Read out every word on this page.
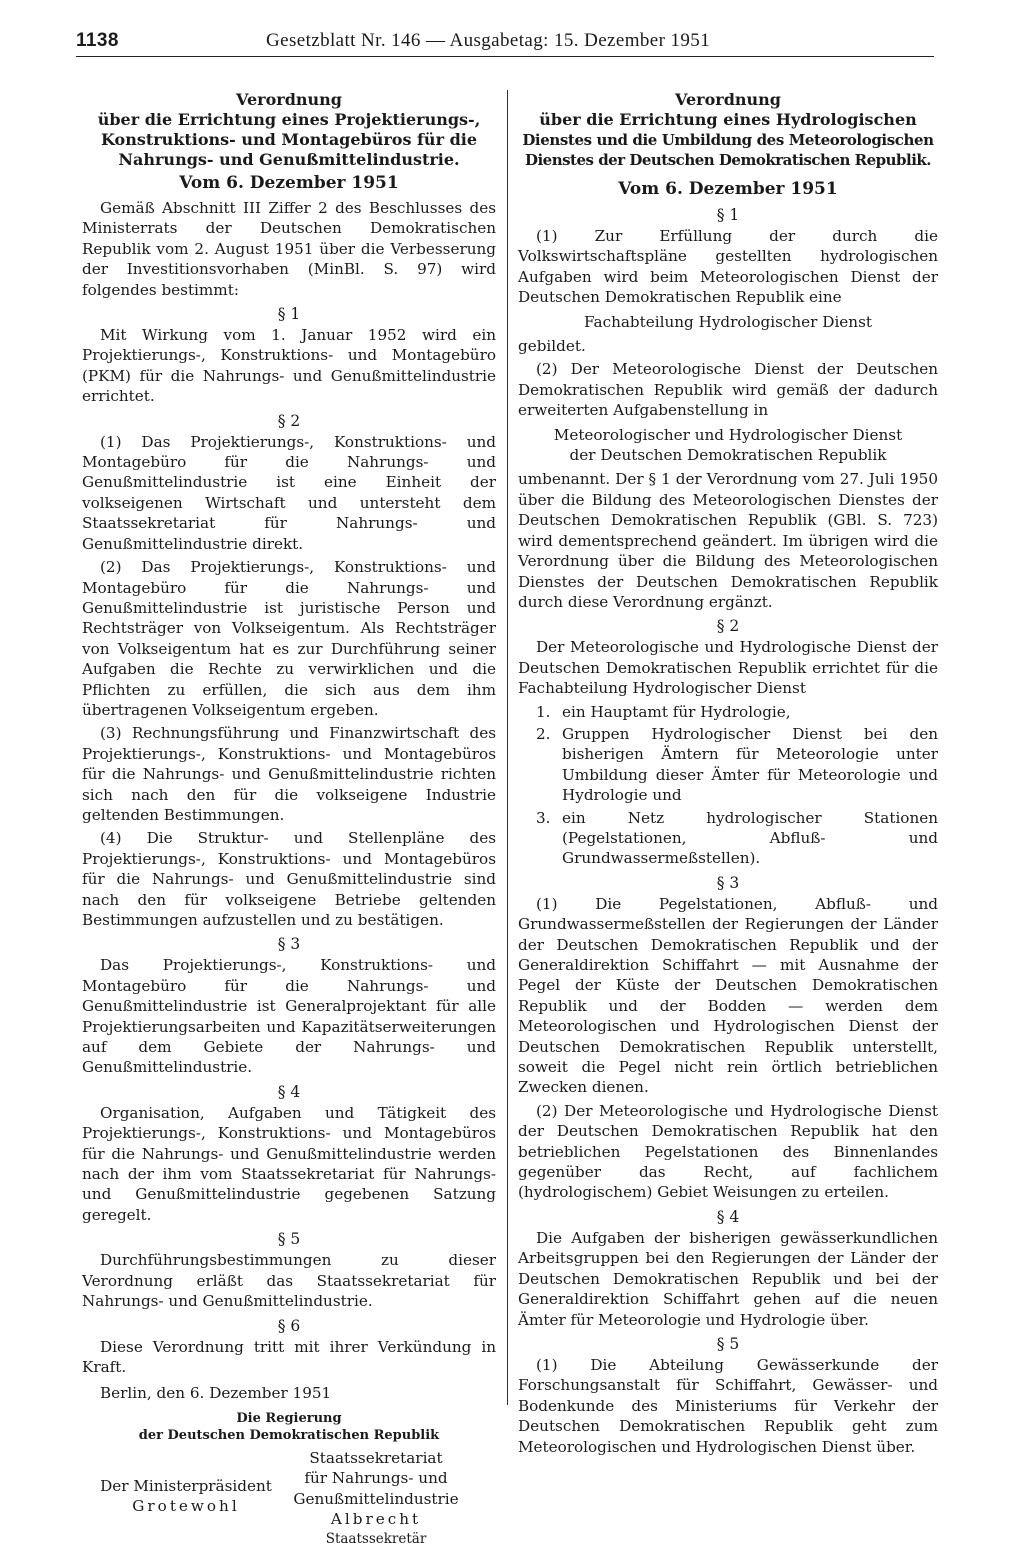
1138	Gesetzblatt Nr. 146 — Ausgabetag: 15. Dezember 1951
Verordnung
über die Errichtung eines Projektierungs-,
Konstruktions- und Montagebüros für die
Nahrungs- und Genußmittelindustrie.
Vom 6. Dezember 1951

Gemäß Abschnitt III Ziffer 2 des Beschlusses des Ministerrats der Deutschen Demokratischen Republik vom 2. August 1951 über die Verbesserung der Investitionsvorhaben (MinBl. S. 97) wird folgendes bestimmt:

§ 1

Mit Wirkung vom 1. Januar 1952 wird ein Projektierungs-, Konstruktions- und Montagebüro (PKM) für die Nahrungs- und Genußmittelindustrie errichtet.

§ 2

(1) Das Projektierungs-, Konstruktions- und Montagebüro für die Nahrungs- und Genußmittelindustrie ist eine Einheit der volkseigenen Wirtschaft und untersteht dem Staatssekretariat für Nahrungs- und Genußmittelindustrie direkt.

(2) Das Projektierungs-, Konstruktions- und Montagebüro für die Nahrungs- und Genußmittelindustrie ist juristische Person und Rechtsträger von Volkseigentum. Als Rechtsträger von Volkseigentum hat es zur Durchführung seiner Aufgaben die Rechte zu verwirklichen und die Pflichten zu erfüllen, die sich aus dem ihm übertragenen Volkseigentum ergeben.

(3) Rechnungsführung und Finanzwirtschaft des Projektierungs-, Konstruktions- und Montagebüros für die Nahrungs- und Genußmittelindustrie richten sich nach den für die volkseigene Industrie geltenden Bestimmungen.

(4) Die Struktur- und Stellenpläne des Projektierungs-, Konstruktions- und Montagebüros für die Nahrungs- und Genußmittelindustrie sind nach den für volkseigene Betriebe geltenden Bestimmungen aufzustellen und zu bestätigen.

§ 3

Das Projektierungs-, Konstruktions- und Montagebüro für die Nahrungs- und Genußmittelindustrie ist Generalprojektant für alle Projektierungsarbeiten und Kapazitätserweiterungen auf dem Gebiete der Nahrungs- und Genußmittelindustrie.

§ 4

Organisation, Aufgaben und Tätigkeit des Projektierungs-, Konstruktions- und Montagebüros für die Nahrungs- und Genußmittelindustrie werden nach der ihm vom Staatssekretariat für Nahrungs- und Genußmittelindustrie gegebenen Satzung geregelt.

§ 5

Durchführungsbestimmungen zu dieser Verordnung erläßt das Staatssekretariat für Nahrungs- und Genußmittelindustrie.

§ 6

Diese Verordnung tritt mit ihrer Verkündung in Kraft.

Berlin, den 6. Dezember 1951

Die Regierung
der Deutschen Demokratischen Republik
Der Ministerpräsident
Grotewohl
Staatssekretariat
für Nahrungs- und
Genußmittelindustrie
Albrecht
Staatssekretär
Verordnung
über die Errichtung eines Hydrologischen
Dienstes und die Umbildung des Meteorologischen
Dienstes der Deutschen Demokratischen Republik.
Vom 6. Dezember 1951
§ 1

(1) Zur Erfüllung der durch die Volkswirtschaftspläne gestellten hydrologischen Aufgaben wird beim Meteorologischen Dienst der Deutschen Demokratischen Republik eine

Fachabteilung Hydrologischer Dienst

gebildet.

(2) Der Meteorologische Dienst der Deutschen Demokratischen Republik wird gemäß der dadurch erweiterten Aufgabenstellung in

Meteorologischer und Hydrologischer Dienst
der Deutschen Demokratischen Republik

umbenannt. Der § 1 der Verordnung vom 27. Juli 1950 über die Bildung des Meteorologischen Dienstes der Deutschen Demokratischen Republik (GBl. S. 723) wird dementsprechend geändert. Im übrigen wird die Verordnung über die Bildung des Meteorologischen Dienstes der Deutschen Demokratischen Republik durch diese Verordnung ergänzt.

§ 2

Der Meteorologische und Hydrologische Dienst der Deutschen Demokratischen Republik errichtet für die Fachabteilung Hydrologischer Dienst

1. ein Hauptamt für Hydrologie,
2. Gruppen Hydrologischer Dienst bei den bisherigen Ämtern für Meteorologie unter Umbildung dieser Ämter für Meteorologie und Hydrologie und
3. ein Netz hydrologischer Stationen (Pegelstationen, Abfluß- und Grundwassermeßstellen).
§ 3

(1) Die Pegelstationen, Abfluß- und Grundwassermeßstellen der Regierungen der Länder der Deutschen Demokratischen Republik und der Generaldirektion Schiffahrt — mit Ausnahme der Pegel der Küste der Deutschen Demokratischen Republik und der Bodden — werden dem Meteorologischen und Hydrologischen Dienst der Deutschen Demokratischen Republik unterstellt, soweit die Pegel nicht rein örtlich betrieblichen Zwecken dienen.

(2) Der Meteorologische und Hydrologische Dienst der Deutschen Demokratischen Republik hat den betrieblichen Pegelstationen des Binnenlandes gegenüber das Recht, auf fachlichem (hydrologischem) Gebiet Weisungen zu erteilen.

§ 4

Die Aufgaben der bisherigen gewässerkundlichen Arbeitsgruppen bei den Regierungen der Länder der Deutschen Demokratischen Republik und bei der Generaldirektion Schiffahrt gehen auf die neuen Ämter für Meteorologie und Hydrologie über.

§ 5

(1) Die Abteilung Gewässerkunde der Forschungsanstalt für Schiffahrt, Gewässer- und Bodenkunde des Ministeriums für Verkehr der Deutschen Demokratischen Republik geht zum Meteorologischen und Hydrologischen Dienst über.
